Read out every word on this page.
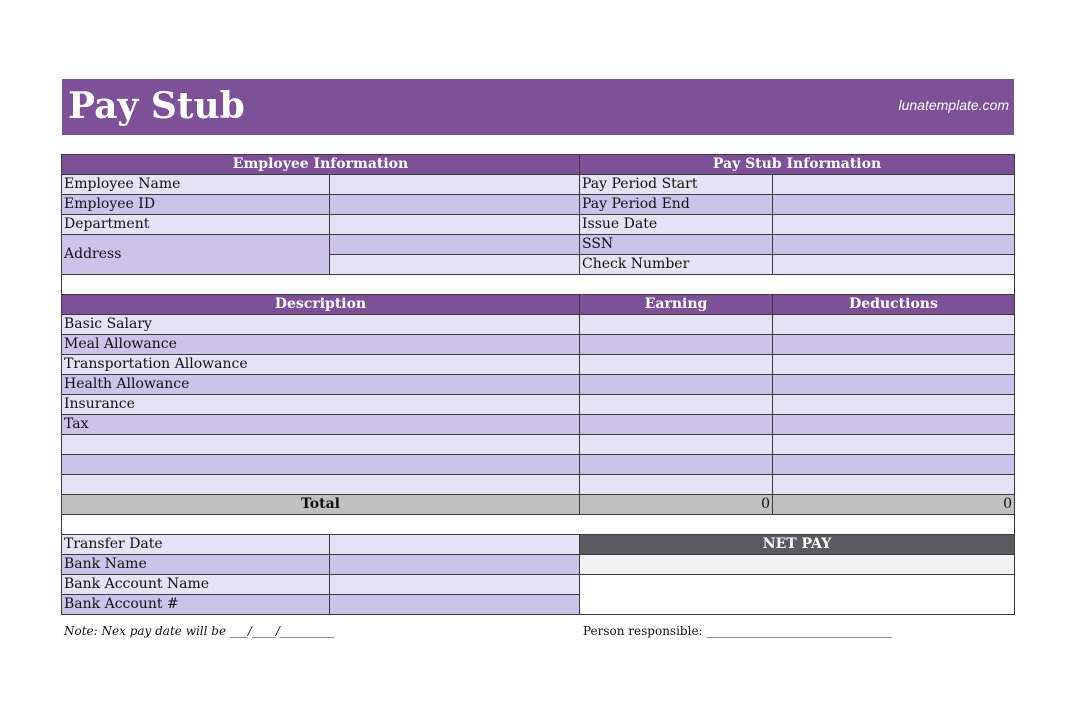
Pay Stub	lunatemplate.com
Employee Information		Pay Stub Information	
Employee Name		Pay Period Start	
Employee ID		Pay Period End	
Department		Issue Date	
Address		SSN	
		Check Number	

Description		Earning	Deductions
Basic Salary			
Meal Allowance			
Transportation Allowance			
Health Allowance			
Insurance			
Tax			

Total		0	0

Transfer Date		NET PAY	
Bank Name			
Bank Account Name			
Bank Account #			
Note: Nex pay date will be ___/____/_________	Person responsible: _______________________________
